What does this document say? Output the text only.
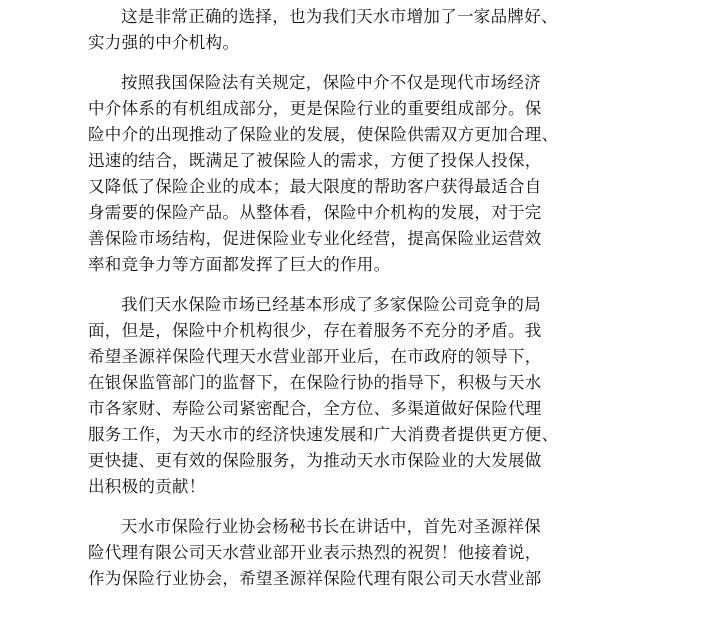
这是非常正确的选择，也为我们天水市增加了一家品牌好、
实力强的中介机构。
按照我国保险法有关规定，保险中介不仅是现代市场经济
中介体系的有机组成部分，更是保险行业的重要组成部分。保
险中介的出现推动了保险业的发展，使保险供需双方更加合理、
迅速的结合，既满足了被保险人的需求，方便了投保人投保，
又降低了保险企业的成本；最大限度的帮助客户获得最适合自
身需要的保险产品。从整体看，保险中介机构的发展，对于完
善保险市场结构，促进保险业专业化经营，提高保险业运营效
率和竞争力等方面都发挥了巨大的作用。
我们天水保险市场已经基本形成了多家保险公司竞争的局
面，但是，保险中介机构很少，存在着服务不充分的矛盾。我
希望圣源祥保险代理天水营业部开业后，在市政府的领导下，
在银保监管部门的监督下，在保险行协的指导下，积极与天水
市各家财、寿险公司紧密配合，全方位、多渠道做好保险代理
服务工作，为天水市的经济快速发展和广大消费者提供更方便、
更快捷、更有效的保险服务，为推动天水市保险业的大发展做
出积极的贡献！
天水市保险行业协会杨秘书长在讲话中，首先对圣源祥保
险代理有限公司天水营业部开业表示热烈的祝贺！他接着说，
作为保险行业协会，希望圣源祥保险代理有限公司天水营业部
